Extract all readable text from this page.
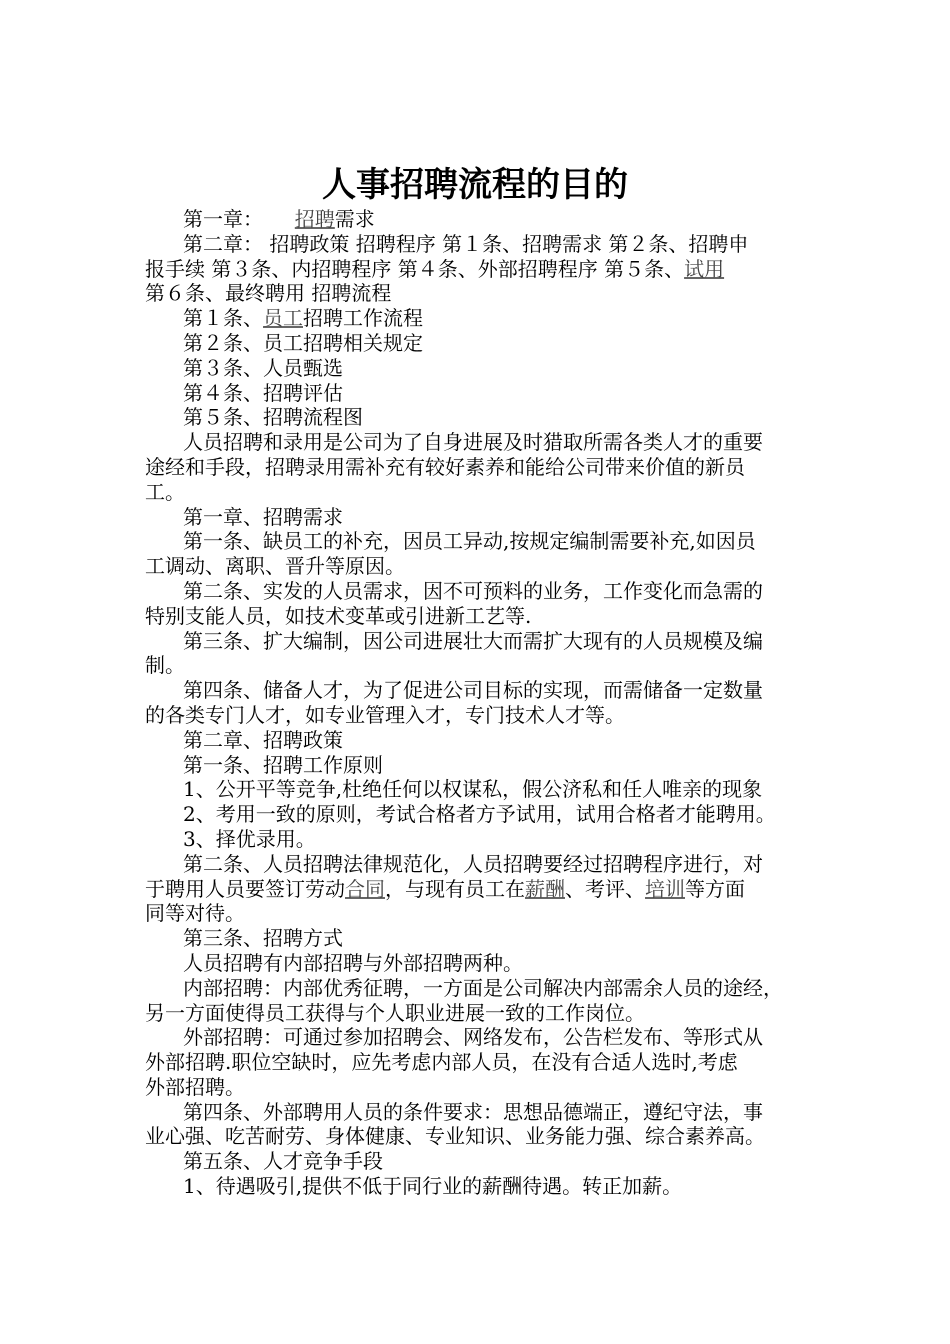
人事招聘流程的目的

第一章： 招聘需求

第二章： 招聘政策 招聘程序 第１条、招聘需求 第２条、招聘申

报手续 第３条、内招聘程序 第４条、外部招聘程序 第５条、试用

第６条、最终聘用 招聘流程

第１条、员工招聘工作流程

第２条、员工招聘相关规定

第３条、人员甄选

第４条、招聘评估

第５条、招聘流程图

人员招聘和录用是公司为了自身进展及时猎取所需各类人才的重要

途经和手段，招聘录用需补充有较好素养和能给公司带来价值的新员

工。

第一章、招聘需求

第一条、缺员工的补充，因员工异动,按规定编制需要补充,如因员

工调动、离职、晋升等原因。

第二条、实发的人员需求，因不可预料的业务，工作变化而急需的

特别支能人员，如技术变革或引进新工艺等.

第三条、扩大编制，因公司进展壮大而需扩大现有的人员规模及编

制。

第四条、储备人才，为了促进公司目标的实现，而需储备一定数量

的各类专门人才，如专业管理入才，专门技术人才等。

第二章、招聘政策

第一条、招聘工作原则

1、公开平等竞争,杜绝任何以权谋私，假公济私和任人唯亲的现象

2、考用一致的原则，考试合格者方予试用，试用合格者才能聘用。

3、择优录用。

第二条、人员招聘法律规范化，人员招聘要经过招聘程序进行，对

于聘用人员要签订劳动合同，与现有员工在薪酬、考评、培训等方面

同等对待。

第三条、招聘方式

人员招聘有内部招聘与外部招聘两种。

内部招聘：内部优秀征聘，一方面是公司解决内部需余人员的途经，

另一方面使得员工获得与个人职业进展一致的工作岗位。

外部招聘：可通过参加招聘会、网络发布，公告栏发布、等形式从

外部招聘.职位空缺时，应先考虑内部人员，在没有合适人选时,考虑

外部招聘。

第四条、外部聘用人员的条件要求：思想品德端正，遵纪守法，事

业心强、吃苦耐劳、身体健康、专业知识、业务能力强、综合素养高。

第五条、人才竞争手段

1、待遇吸引,提供不低于同行业的薪酬待遇。转正加薪。
